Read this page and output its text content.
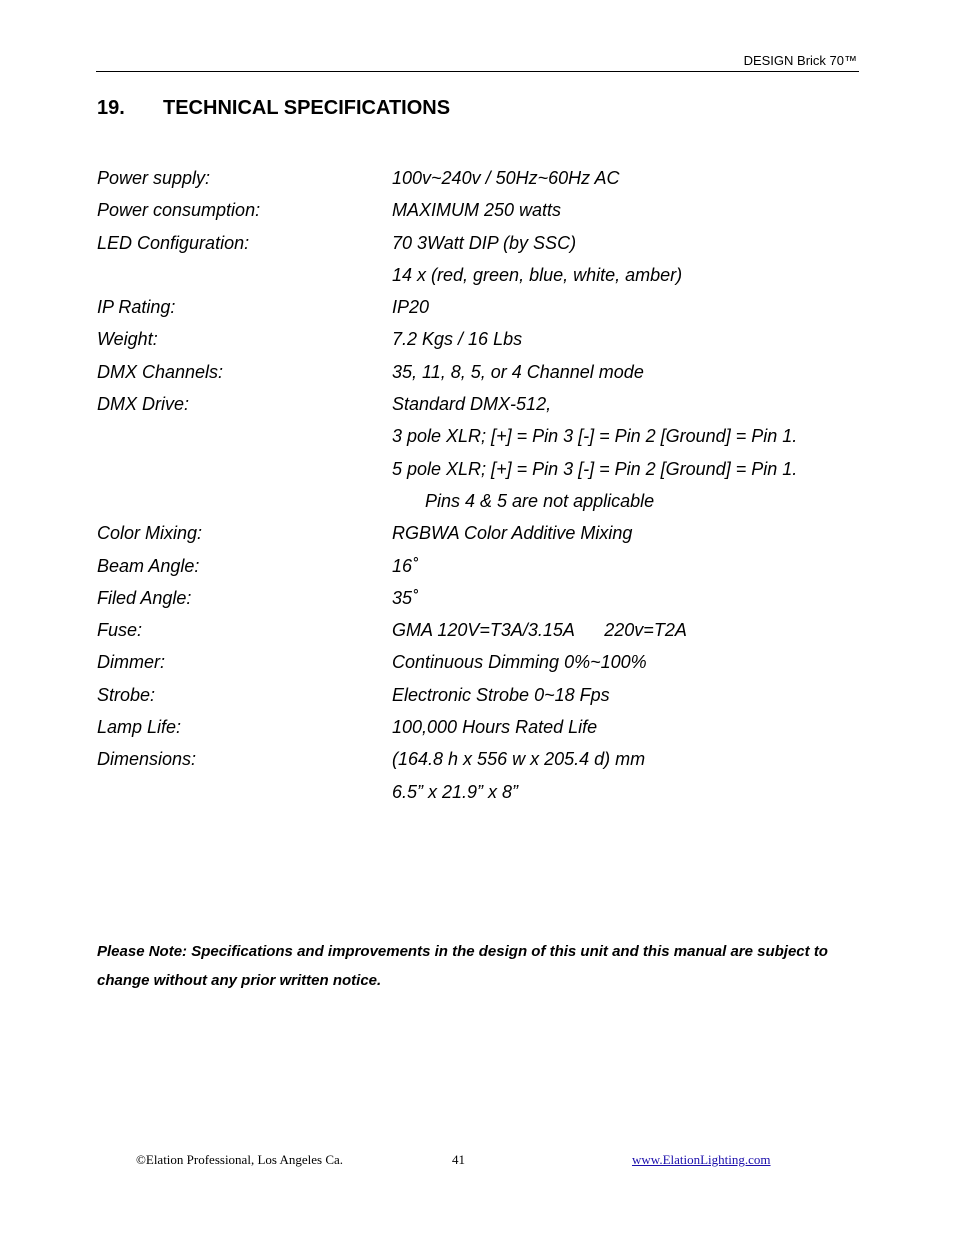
DESIGN Brick 70™
19. TECHNICAL SPECIFICATIONS
Power supply:	100v~240v / 50Hz~60Hz AC
Power consumption:	MAXIMUM 250 watts
LED Configuration:	70 3Watt DIP (by SSC)
14 x (red, green, blue, white, amber)
IP Rating:	IP20
Weight:	7.2 Kgs / 16 Lbs
DMX Channels:	35, 11, 8, 5, or 4 Channel mode
DMX Drive:	Standard DMX-512,
3 pole XLR; [+] = Pin 3 [-] = Pin 2 [Ground] = Pin 1.
5 pole XLR; [+] = Pin 3 [-] = Pin 2 [Ground] = Pin 1.
Pins 4 & 5 are not applicable
Color Mixing:	RGBWA Color Additive Mixing
Beam Angle:	16˚
Filed Angle:	35˚
Fuse:	GMA 120V=T3A/3.15A      220v=T2A
Dimmer:	Continuous Dimming 0%~100%
Strobe:	Electronic Strobe 0~18 Fps
Lamp Life:	100,000 Hours Rated Life
Dimensions:	(164.8 h x 556 w x 205.4 d) mm
6.5” x 21.9” x 8”
Please Note: Specifications and improvements in the design of this unit and this manual are subject to change without any prior written notice.
©Elation Professional, Los Angeles Ca.	41	www.ElationLighting.com
